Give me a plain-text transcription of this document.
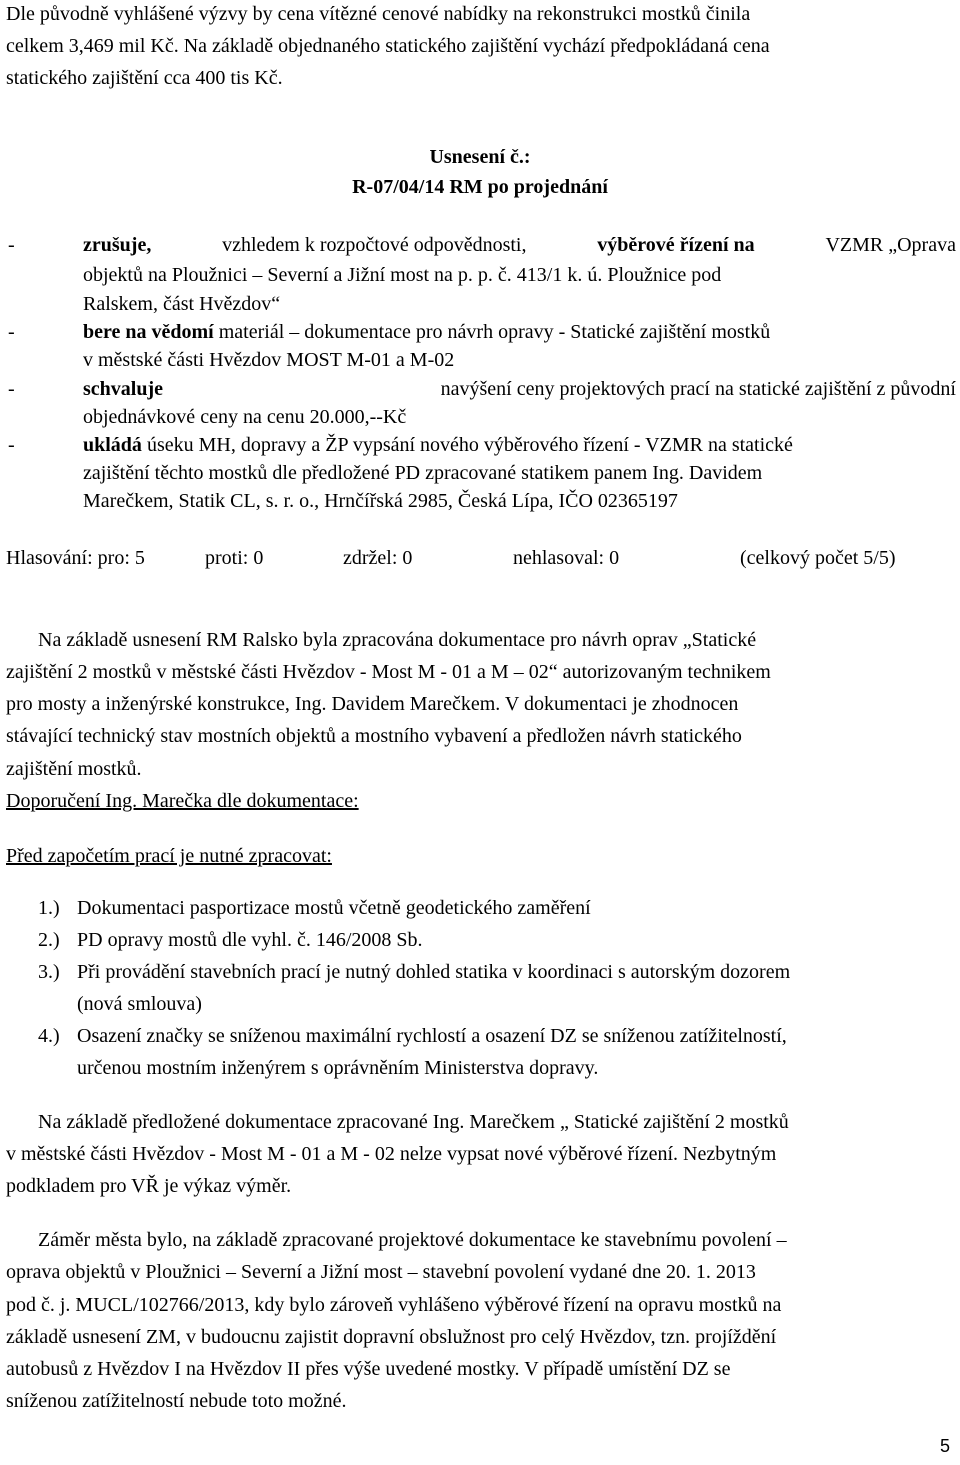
Dle původně vyhlášené výzvy by cena vítězné cenové nabídky na rekonstrukci mostků činila
celkem 3,469 mil Kč. Na základě objednaného statického zajištění vychází předpokládaná cena
statického zajištění cca 400 tis Kč.
Usnesení č.:
R-07/04/14 RM po projednání
-	zrušuje,	vzhledem k rozpočtové odpovědnosti,	výběrové řízení na	VZMR „Oprava
objektů na Ploužnici – Severní a Jižní most na p. p. č. 413/1 k. ú. Ploužnice pod
Ralskem, část Hvězdov“
-	bere na vědomí materiál – dokumentace pro návrh opravy - Statické zajištění mostků
v městské části Hvězdov MOST M-01 a M-02
-	schvaluje	navýšení ceny projektových prací na statické zajištění z původní
objednávkové ceny na cenu 20.000,--Kč
-	ukládá úseku MH, dopravy a ŽP vypsání nového výběrového řízení - VZMR na statické
zajištění těchto mostků dle předložené PD zpracované statikem panem Ing. Davidem
Marečkem, Statik CL, s. r. o., Hrnčířská 2985, Česká Lípa, IČO 02365197
Hlasování: pro: 5	proti: 0	zdržel: 0	nehlasoval: 0	(celkový počet 5/5)
Na základě usnesení RM Ralsko byla zpracována dokumentace pro návrh oprav „Statické
zajištění 2 mostků v městské části Hvězdov - Most M - 01 a M – 02“ autorizovaným technikem
pro mosty a inženýrské konstrukce, Ing. Davidem Marečkem. V dokumentaci je zhodnocen
stávající technický stav mostních objektů a mostního vybavení a předložen návrh statického
zajištění mostků.
Doporučení Ing. Marečka dle dokumentace:
Před započetím prací je nutné zpracovat:
1.) Dokumentaci pasportizace mostů včetně geodetického zaměření
2.) PD opravy mostů dle vyhl. č. 146/2008 Sb.
3.) Při provádění stavebních prací je nutný dohled statika v koordinaci s autorským dozorem
(nová smlouva)
4.) Osazení značky se sníženou maximální rychlostí a osazení DZ se sníženou zatížitelností,
určenou mostním inženýrem s oprávněním Ministerstva dopravy.
Na základě předložené dokumentace zpracované Ing. Marečkem „ Statické zajištění 2 mostků
v městské části Hvězdov - Most M - 01 a M - 02 nelze vypsat nové výběrové řízení. Nezbytným
podkladem pro VŘ je výkaz výměr.
Záměr města bylo, na základě zpracované projektové dokumentace ke stavebnímu povolení –
oprava objektů v Ploužnici – Severní a Jižní most – stavební povolení vydané dne 20. 1. 2013
pod č. j. MUCL/102766/2013, kdy bylo zároveň vyhlášeno výběrové řízení na opravu mostků na
základě usnesení ZM, v budoucnu zajistit dopravní obslužnost pro celý Hvězdov, tzn. projíždění
autobusů z Hvězdov I na Hvězdov II přes výše uvedené mostky. V případě umístění DZ se
sníženou zatížitelností nebude toto možné.
5
